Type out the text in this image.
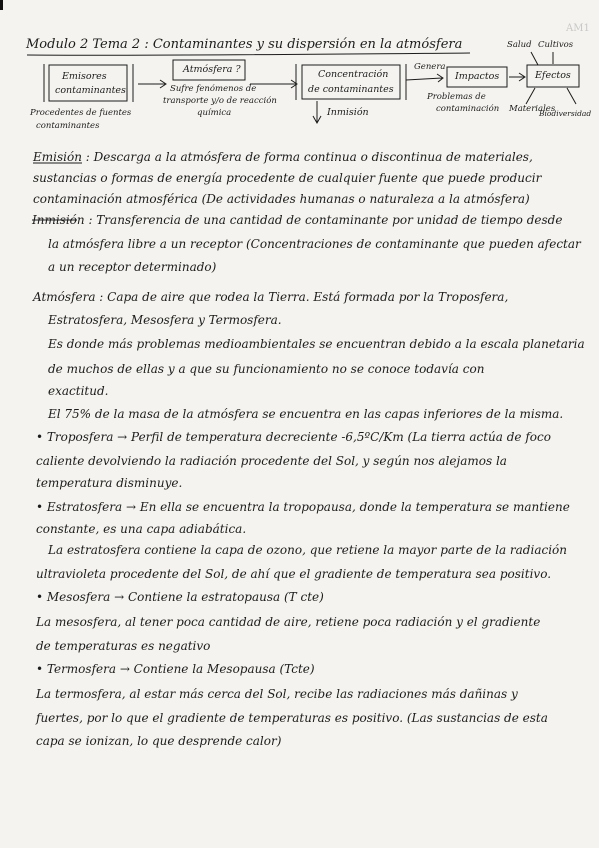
Modulo 2 Tema 2 : Contaminantes y su dispersión en la atmósfera
AM1
Emisores
contaminantes
Atmósfera ?
Sufre fenómenos de
transporte y/o de reacción
química
Concentración
de contaminantes
Genera
Impactos
Problemas de
contaminación
Efectos
Salud Cultivos
Materiales
Biodiversidad
Inmisión
Procedentes de fuentes
contaminantes
Emisión : Descarga a la atmósfera de forma continua o discontinua de materiales,
sustancias o formas de energía procedente de cualquier fuente que puede producir
contaminación atmosférica (De actividades humanas o naturaleza a la atmósfera)
Inmisión : Transferencia de una cantidad de contaminante por unidad de tiempo desde
la atmósfera libre a un receptor (Concentraciones de contaminante que pueden afectar
a un receptor determinado)
Atmósfera : Capa de aire que rodea la Tierra. Está formada por la Troposfera,
Estratosfera, Mesosfera y Termosfera.
Es donde más problemas medioambientales se encuentran debido a la escala planetaria
de muchos de ellas y a que su funcionamiento no se conoce todavía con
exactitud.
El 75% de la masa de la atmósfera se encuentra en las capas inferiores de la misma.
• Troposfera → Perfil de temperatura decreciente -6,5ºC/Km (La tierra actúa de foco
caliente devolviendo la radiación procedente del Sol, y según nos alejamos la
temperatura disminuye.
• Estratosfera → En ella se encuentra la tropopausa, donde la temperatura se mantiene
constante, es una capa adiabática.
La estratosfera contiene la capa de ozono, que retiene la mayor parte de la radiación
ultravioleta procedente del Sol, de ahí que el gradiente de temperatura sea positivo.
• Mesosfera → Contiene la estratopausa (T cte)
La mesosfera, al tener poca cantidad de aire, retiene poca radiación y el gradiente
de temperaturas es negativo
• Termosfera → Contiene la Mesopausa (Tcte)
La termosfera, al estar más cerca del Sol, recibe las radiaciones más dañinas y
fuertes, por lo que el gradiente de temperaturas es positivo. (Las sustancias de esta
capa se ionizan, lo que desprende calor)
